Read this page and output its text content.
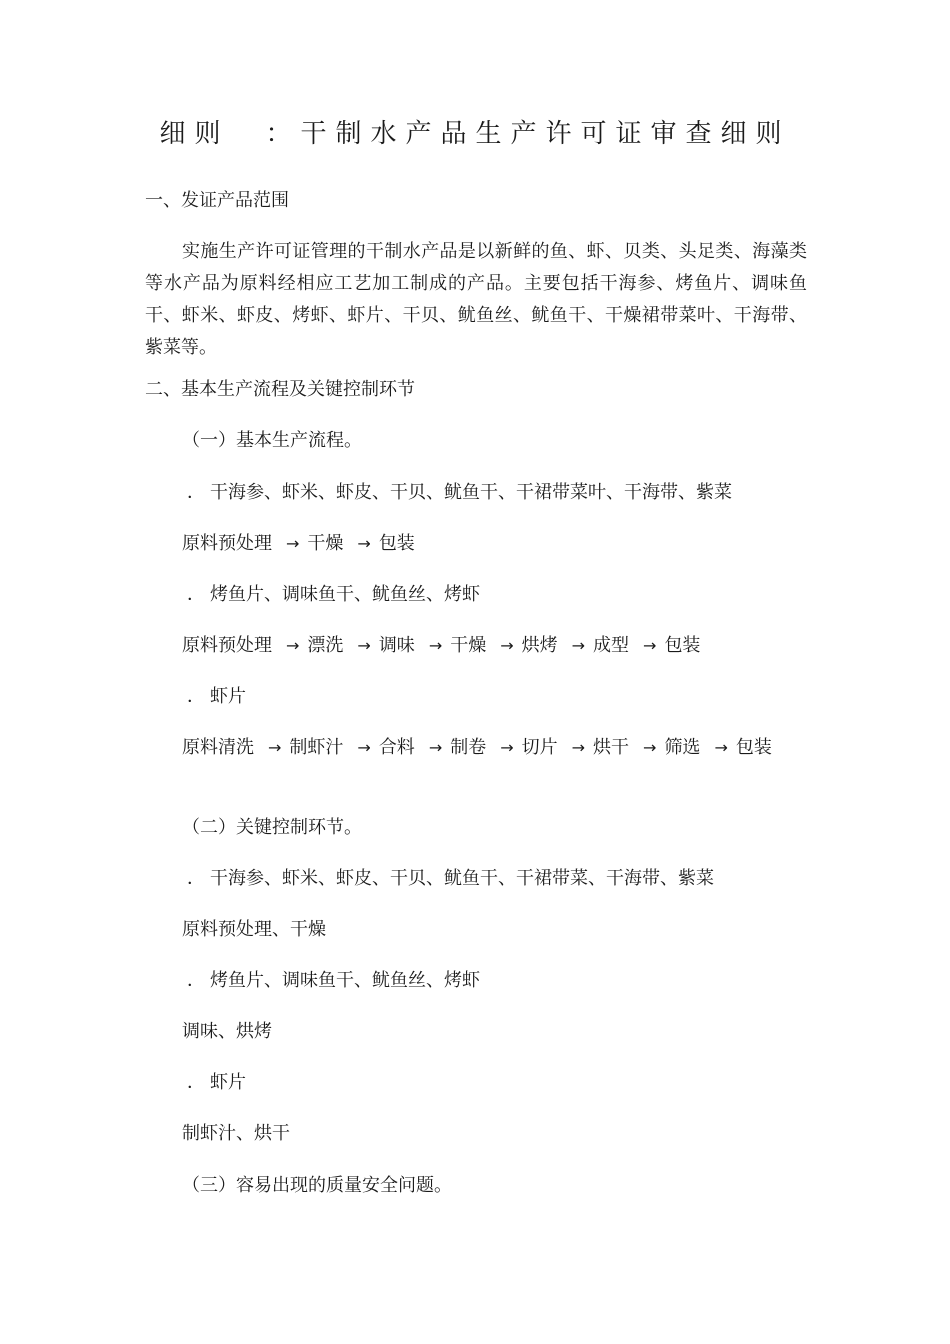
细则 ：干制水产品生产许可证审查细则
一、发证产品范围
实施生产许可证管理的干制水产品是以新鲜的鱼、虾、贝类、头足类、海藻类等水产品为原料经相应工艺加工制成的产品。主要包括干海参、烤鱼片、调味鱼干、虾米、虾皮、烤虾、虾片、干贝、鱿鱼丝、鱿鱼干、干燥裙带菜叶、干海带、紫菜等。
二、基本生产流程及关键控制环节
（一）基本生产流程。
． 干海参、虾米、虾皮、干贝、鱿鱼干、干裙带菜叶、干海带、紫菜
原料预处理 → 干燥 → 包装
． 烤鱼片、调味鱼干、鱿鱼丝、烤虾
原料预处理 → 漂洗 → 调味 → 干燥 → 烘烤 → 成型 → 包装
． 虾片
原料清洗 → 制虾汁 → 合料 → 制卷 → 切片 → 烘干 → 筛选 → 包装
（二）关键控制环节。
． 干海参、虾米、虾皮、干贝、鱿鱼干、干裙带菜、干海带、紫菜
原料预处理、干燥
． 烤鱼片、调味鱼干、鱿鱼丝、烤虾
调味、烘烤
． 虾片
制虾汁、烘干
（三）容易出现的质量安全问题。
